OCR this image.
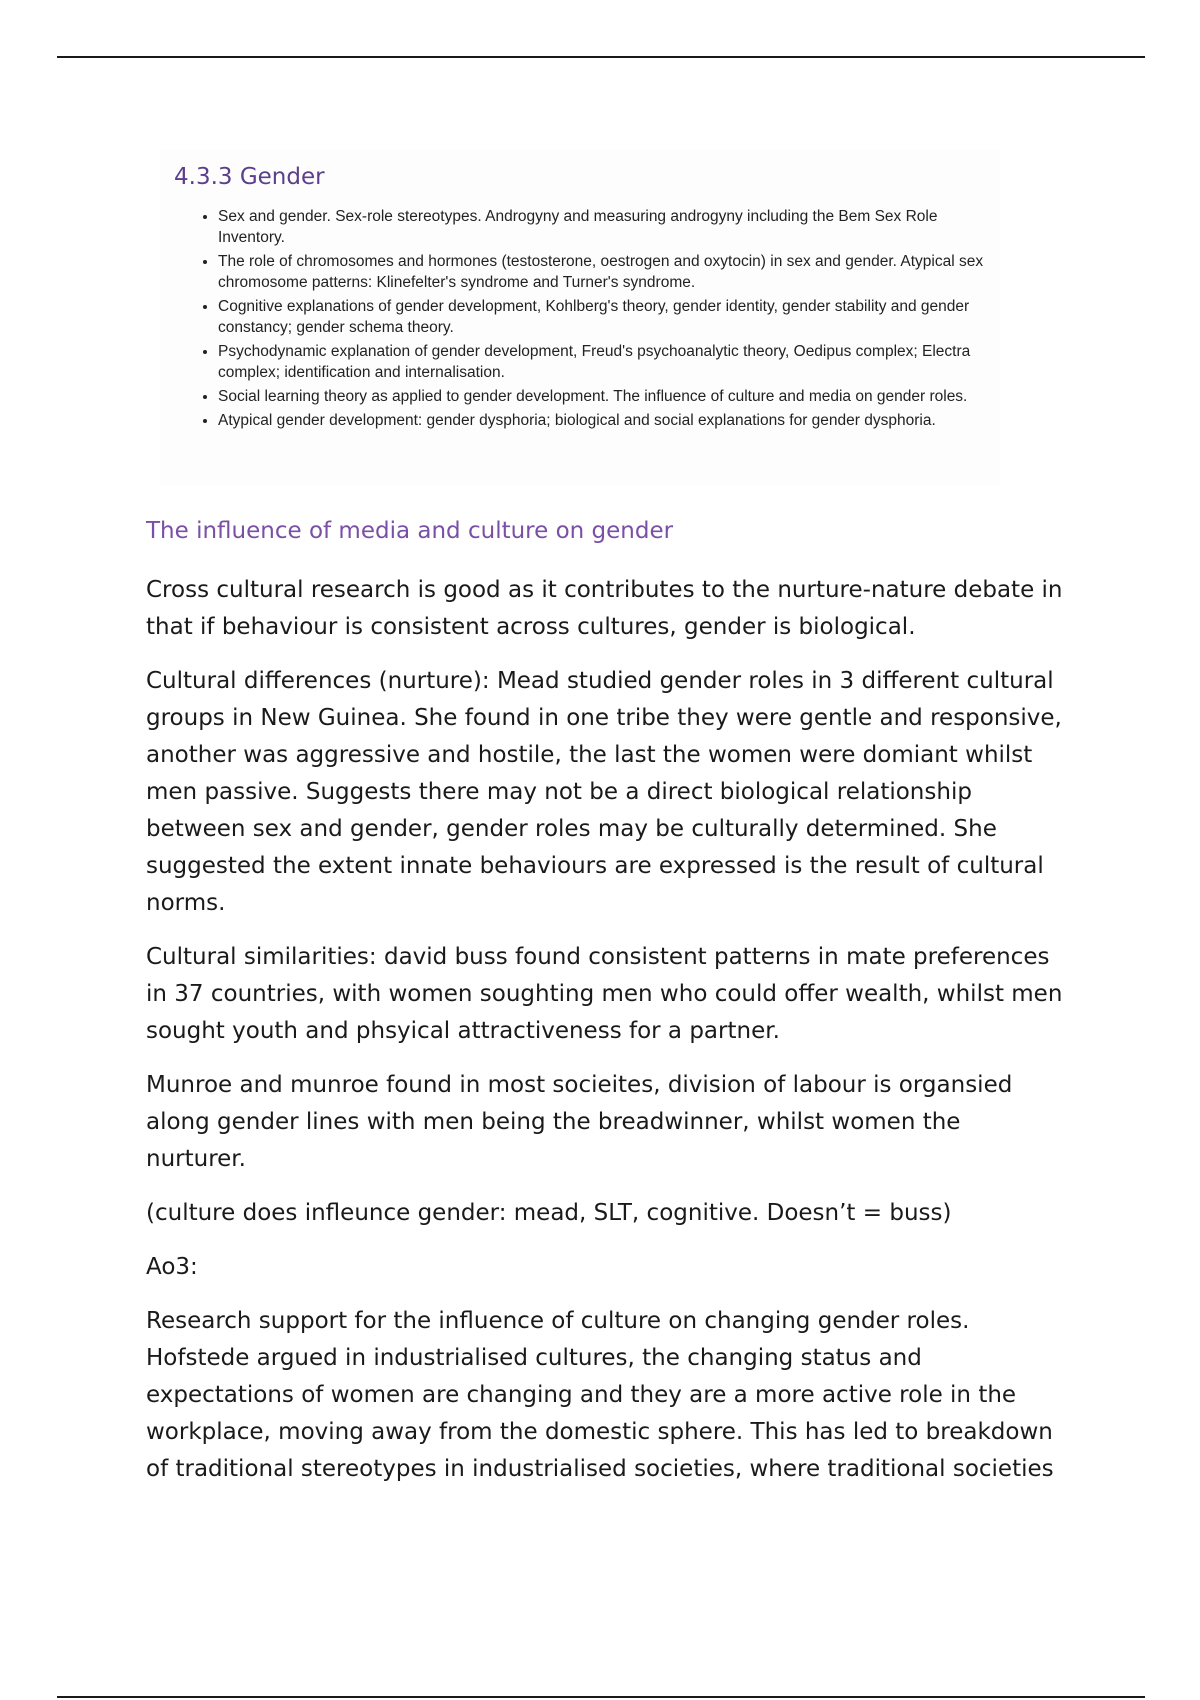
4.3.3 Gender
• Sex and gender. Sex-role stereotypes. Androgyny and measuring androgyny including the Bem Sex Role Inventory.
• The role of chromosomes and hormones (testosterone, oestrogen and oxytocin) in sex and gender. Atypical sex chromosome patterns: Klinefelter's syndrome and Turner's syndrome.
• Cognitive explanations of gender development, Kohlberg's theory, gender identity, gender stability and gender constancy; gender schema theory.
• Psychodynamic explanation of gender development, Freud's psychoanalytic theory, Oedipus complex; Electra complex; identification and internalisation.
• Social learning theory as applied to gender development. The influence of culture and media on gender roles.
• Atypical gender development: gender dysphoria; biological and social explanations for gender dysphoria.
The influence of media and culture on gender

Cross cultural research is good as it contributes to the nurture-nature debate in that if behaviour is consistent across cultures, gender is biological.

Cultural differences (nurture): Mead studied gender roles in 3 different cultural groups in New Guinea. She found in one tribe they were gentle and responsive, another was aggressive and hostile, the last the women were domiant whilst men passive. Suggests there may not be a direct biological relationship between sex and gender, gender roles may be culturally determined. She suggested the extent innate behaviours are expressed is the result of cultural norms.

Cultural similarities: david buss found consistent patterns in mate preferences in 37 countries, with women soughting men who could offer wealth, whilst men sought youth and phsyical attractiveness for a partner.

Munroe and munroe found in most socieites, division of labour is organsied along gender lines with men being the breadwinner, whilst women the nurturer.

(culture does infleunce gender: mead, SLT, cognitive. Doesn’t = buss)

Ao3:

Research support for the influence of culture on changing gender roles. Hofstede argued in industrialised cultures, the changing status and expectations of women are changing and they are a more active role in the workplace, moving away from the domestic sphere. This has led to breakdown of traditional stereotypes in industrialised societies, where traditional societies
